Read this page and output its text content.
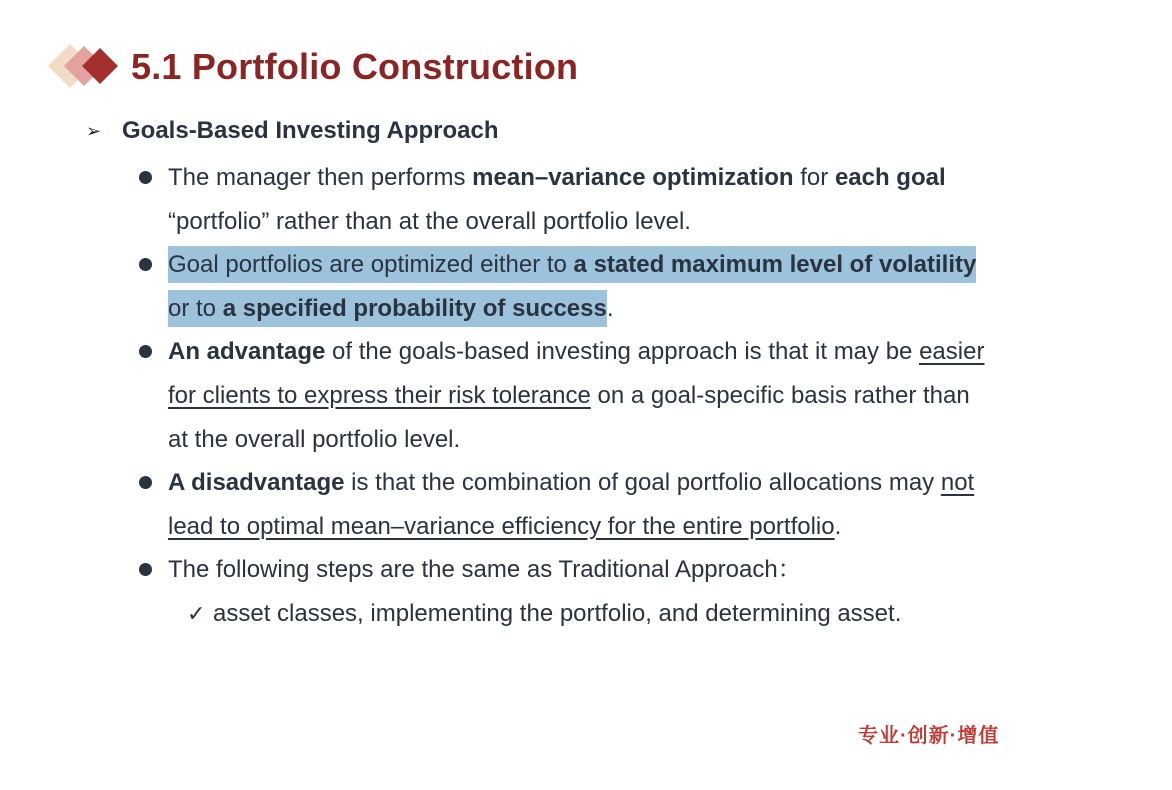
5.1 Portfolio Construction
➢ Goals-Based Investing Approach
The manager then performs mean–variance optimization for each goal “portfolio” rather than at the overall portfolio level.
Goal portfolios are optimized either to a stated maximum level of volatility or to a specified probability of success.
An advantage of the goals-based investing approach is that it may be easier for clients to express their risk tolerance on a goal-specific basis rather than at the overall portfolio level.
A disadvantage is that the combination of goal portfolio allocations may not lead to optimal mean–variance efficiency for the entire portfolio.
The following steps are the same as Traditional Approach：
✓ asset classes, implementing the portfolio, and determining asset.
专业·创新·增值
